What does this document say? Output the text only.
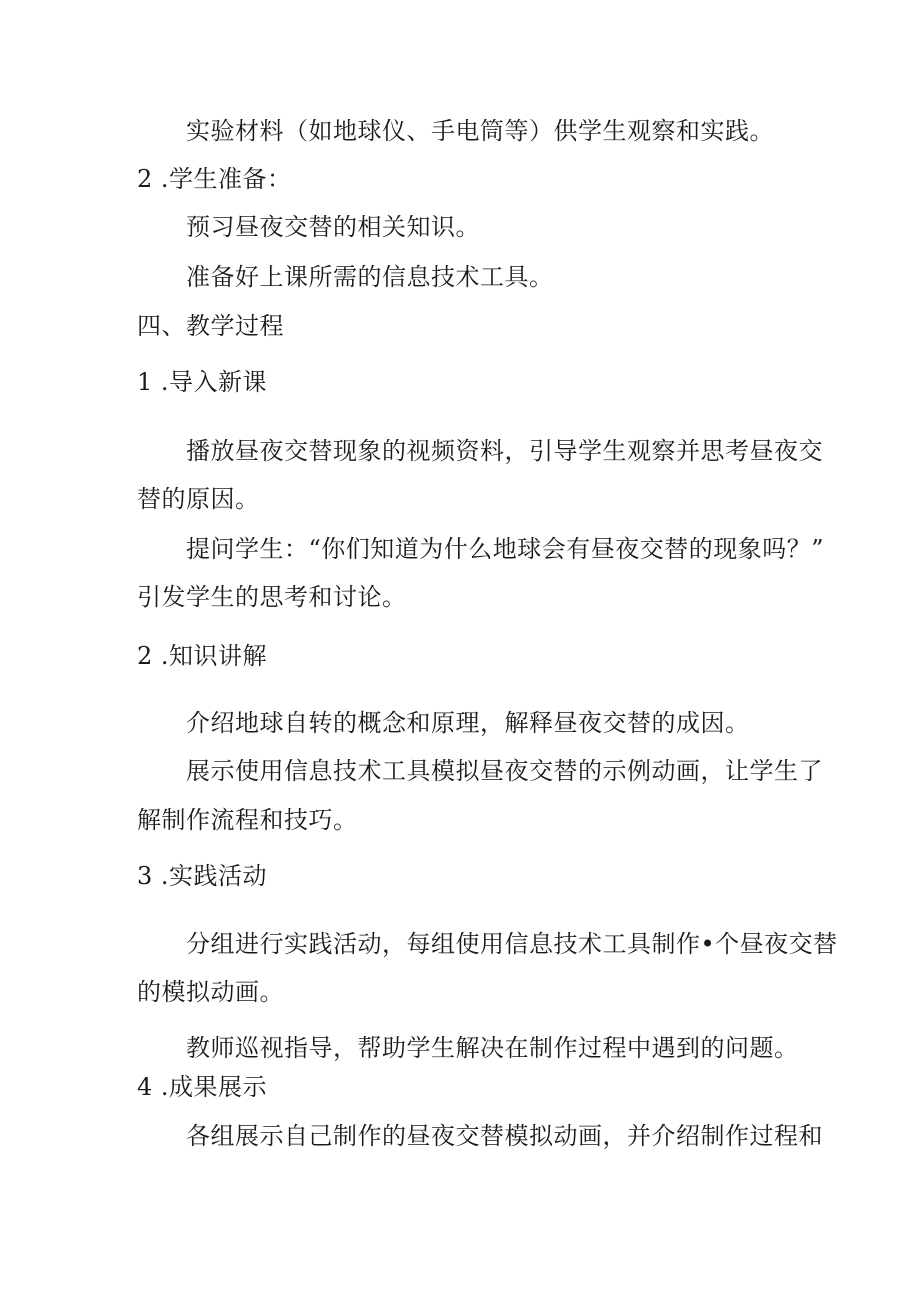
实验材料（如地球仪、手电筒等）供学生观察和实践。
2 .学生准备：
预习昼夜交替的相关知识。
准备好上课所需的信息技术工具。
四、教学过程
1 .导入新课
播放昼夜交替现象的视频资料，引导学生观察并思考昼夜交
替的原因。
提问学生：“你们知道为什么地球会有昼夜交替的现象吗？”
引发学生的思考和讨论。
2 .知识讲解
介绍地球自转的概念和原理，解释昼夜交替的成因。
展示使用信息技术工具模拟昼夜交替的示例动画，让学生了
解制作流程和技巧。
3 .实践活动
分组进行实践活动，每组使用信息技术工具制作•个昼夜交替
的模拟动画。
教师巡视指导，帮助学生解决在制作过程中遇到的问题。
4 .成果展示
各组展示自己制作的昼夜交替模拟动画，并介绍制作过程和
